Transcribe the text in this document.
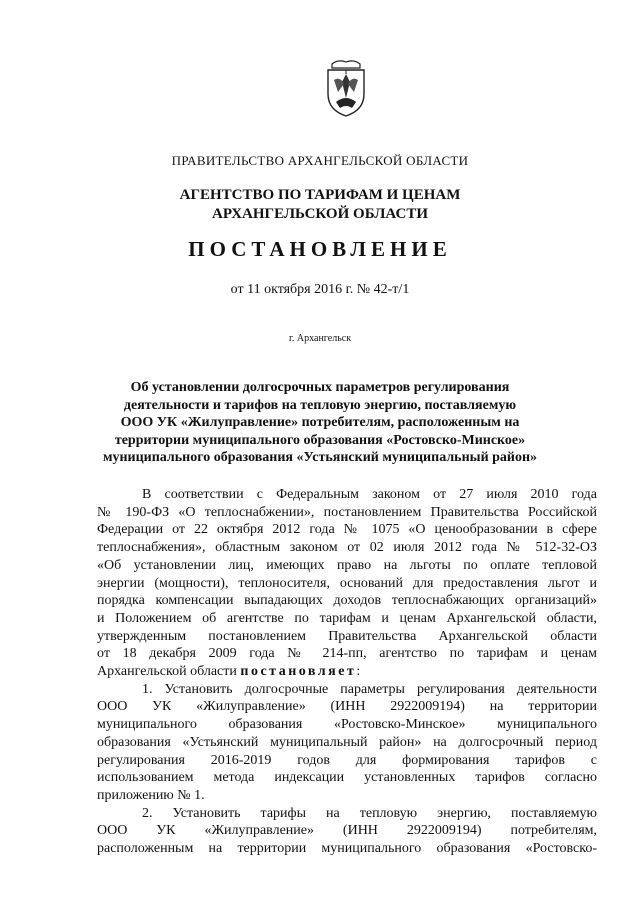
ПРАВИТЕЛЬСТВО АРХАНГЕЛЬСКОЙ ОБЛАСТИ
АГЕНТСТВО ПО ТАРИФАМ И ЦЕНАМ
АРХАНГЕЛЬСКОЙ ОБЛАСТИ
ПОСТАНОВЛЕНИЕ
от 11 октября 2016 г. № 42-т/1
г. Архангельск
Об установлении долгосрочных параметров регулирования
деятельности и тарифов на тепловую энергию, поставляемую
ООО УК «Жилуправление» потребителям, расположенным на
территории муниципального образования «Ростовско-Минское»
муниципального образования «Устьянский муниципальный район»

В соответствии с Федеральным законом от 27 июля 2010 года

№ 190-ФЗ «О теплоснабжении», постановлением Правительства Российской

Федерации от 22 октября 2012 года № 1075 «О ценообразовании в сфере

теплоснабжения», областным законом от 02 июля 2012 года № 512-32-ОЗ

«Об установлении лиц, имеющих право на льготы по оплате тепловой

энергии (мощности), теплоносителя, оснований для предоставления льгот и

порядка компенсации выпадающих доходов теплоснабжающих организаций»

и Положением об агентстве по тарифам и ценам Архангельской области,

утвержденным постановлением Правительства Архангельской области

от 18 декабря 2009 года № 214-пп, агентство по тарифам и ценам

Архангельской области постановляет:

1. Установить долгосрочные параметры регулирования деятельности

ООО УК «Жилуправление» (ИНН 2922009194) на территории

муниципального образования «Ростовско-Минское» муниципального

образования «Устьянский муниципальный район» на долгосрочный период

регулирования 2016-2019 годов для формирования тарифов с

использованием метода индексации установленных тарифов согласно

приложению № 1.

2. Установить тарифы на тепловую энергию, поставляемую

ООО УК «Жилуправление» (ИНН 2922009194) потребителям,

расположенным на территории муниципального образования «Ростовско-
